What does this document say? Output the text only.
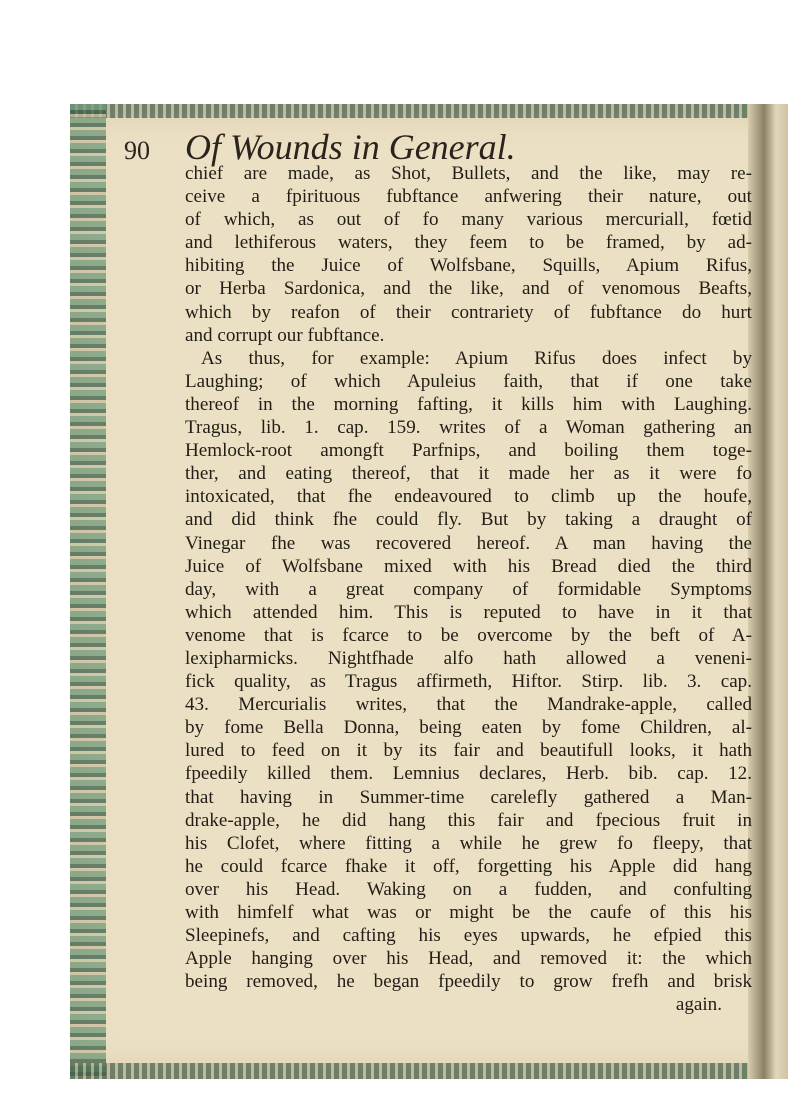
90 Of Wounds in General.

chief are made, as Shot, Bullets, and the like, may re-
ceive a fpirituous fubftance anfwering their nature, out
of which, as out of fo many various mercuriall, fœtid
and lethiferous waters, they feem to be framed, by ad-
hibiting the Juice of Wolfsbane, Squills, Apium Rifus,
or Herba Sardonica, and the like, and of venomous Beafts,
which by reafon of their contrariety of fubftance do hurt
and corrupt our fubftance.
As thus, for example: Apium Rifus does infect by
Laughing; of which Apuleius faith, that if one take
thereof in the morning fafting, it kills him with Laughing.
Tragus, lib. 1. cap. 159. writes of a Woman gathering an
Hemlock-root amongft Parfnips, and boiling them toge-
ther, and eating thereof, that it made her as it were fo
intoxicated, that fhe endeavoured to climb up the houfe,
and did think fhe could fly. But by taking a draught of
Vinegar fhe was recovered hereof. A man having the
Juice of Wolfsbane mixed with his Bread died the third
day, with a great company of formidable Symptoms
which attended him. This is reputed to have in it that
venome that is fcarce to be overcome by the beft of A-
lexipharmicks. Nightfhade alfo hath allowed a veneni-
fick quality, as Tragus affirmeth, Hiftor. Stirp. lib. 3. cap.
43. Mercurialis writes, that the Mandrake-apple, called
by fome Bella Donna, being eaten by fome Children, al-
lured to feed on it by its fair and beautifull looks, it hath
fpeedily killed them. Lemnius declares, Herb. bib. cap. 12.
that having in Summer-time carelefly gathered a Man-
drake-apple, he did hang this fair and fpecious fruit in
his Clofet, where fitting a while he grew fo fleepy, that
he could fcarce fhake it off, forgetting his Apple did hang
over his Head. Waking on a fudden, and confulting
with himfelf what was or might be the caufe of this his
Sleepinefs, and cafting his eyes upwards, he efpied this
Apple hanging over his Head, and removed it: the which
being removed, he began fpeedily to grow frefh and brisk
again.
